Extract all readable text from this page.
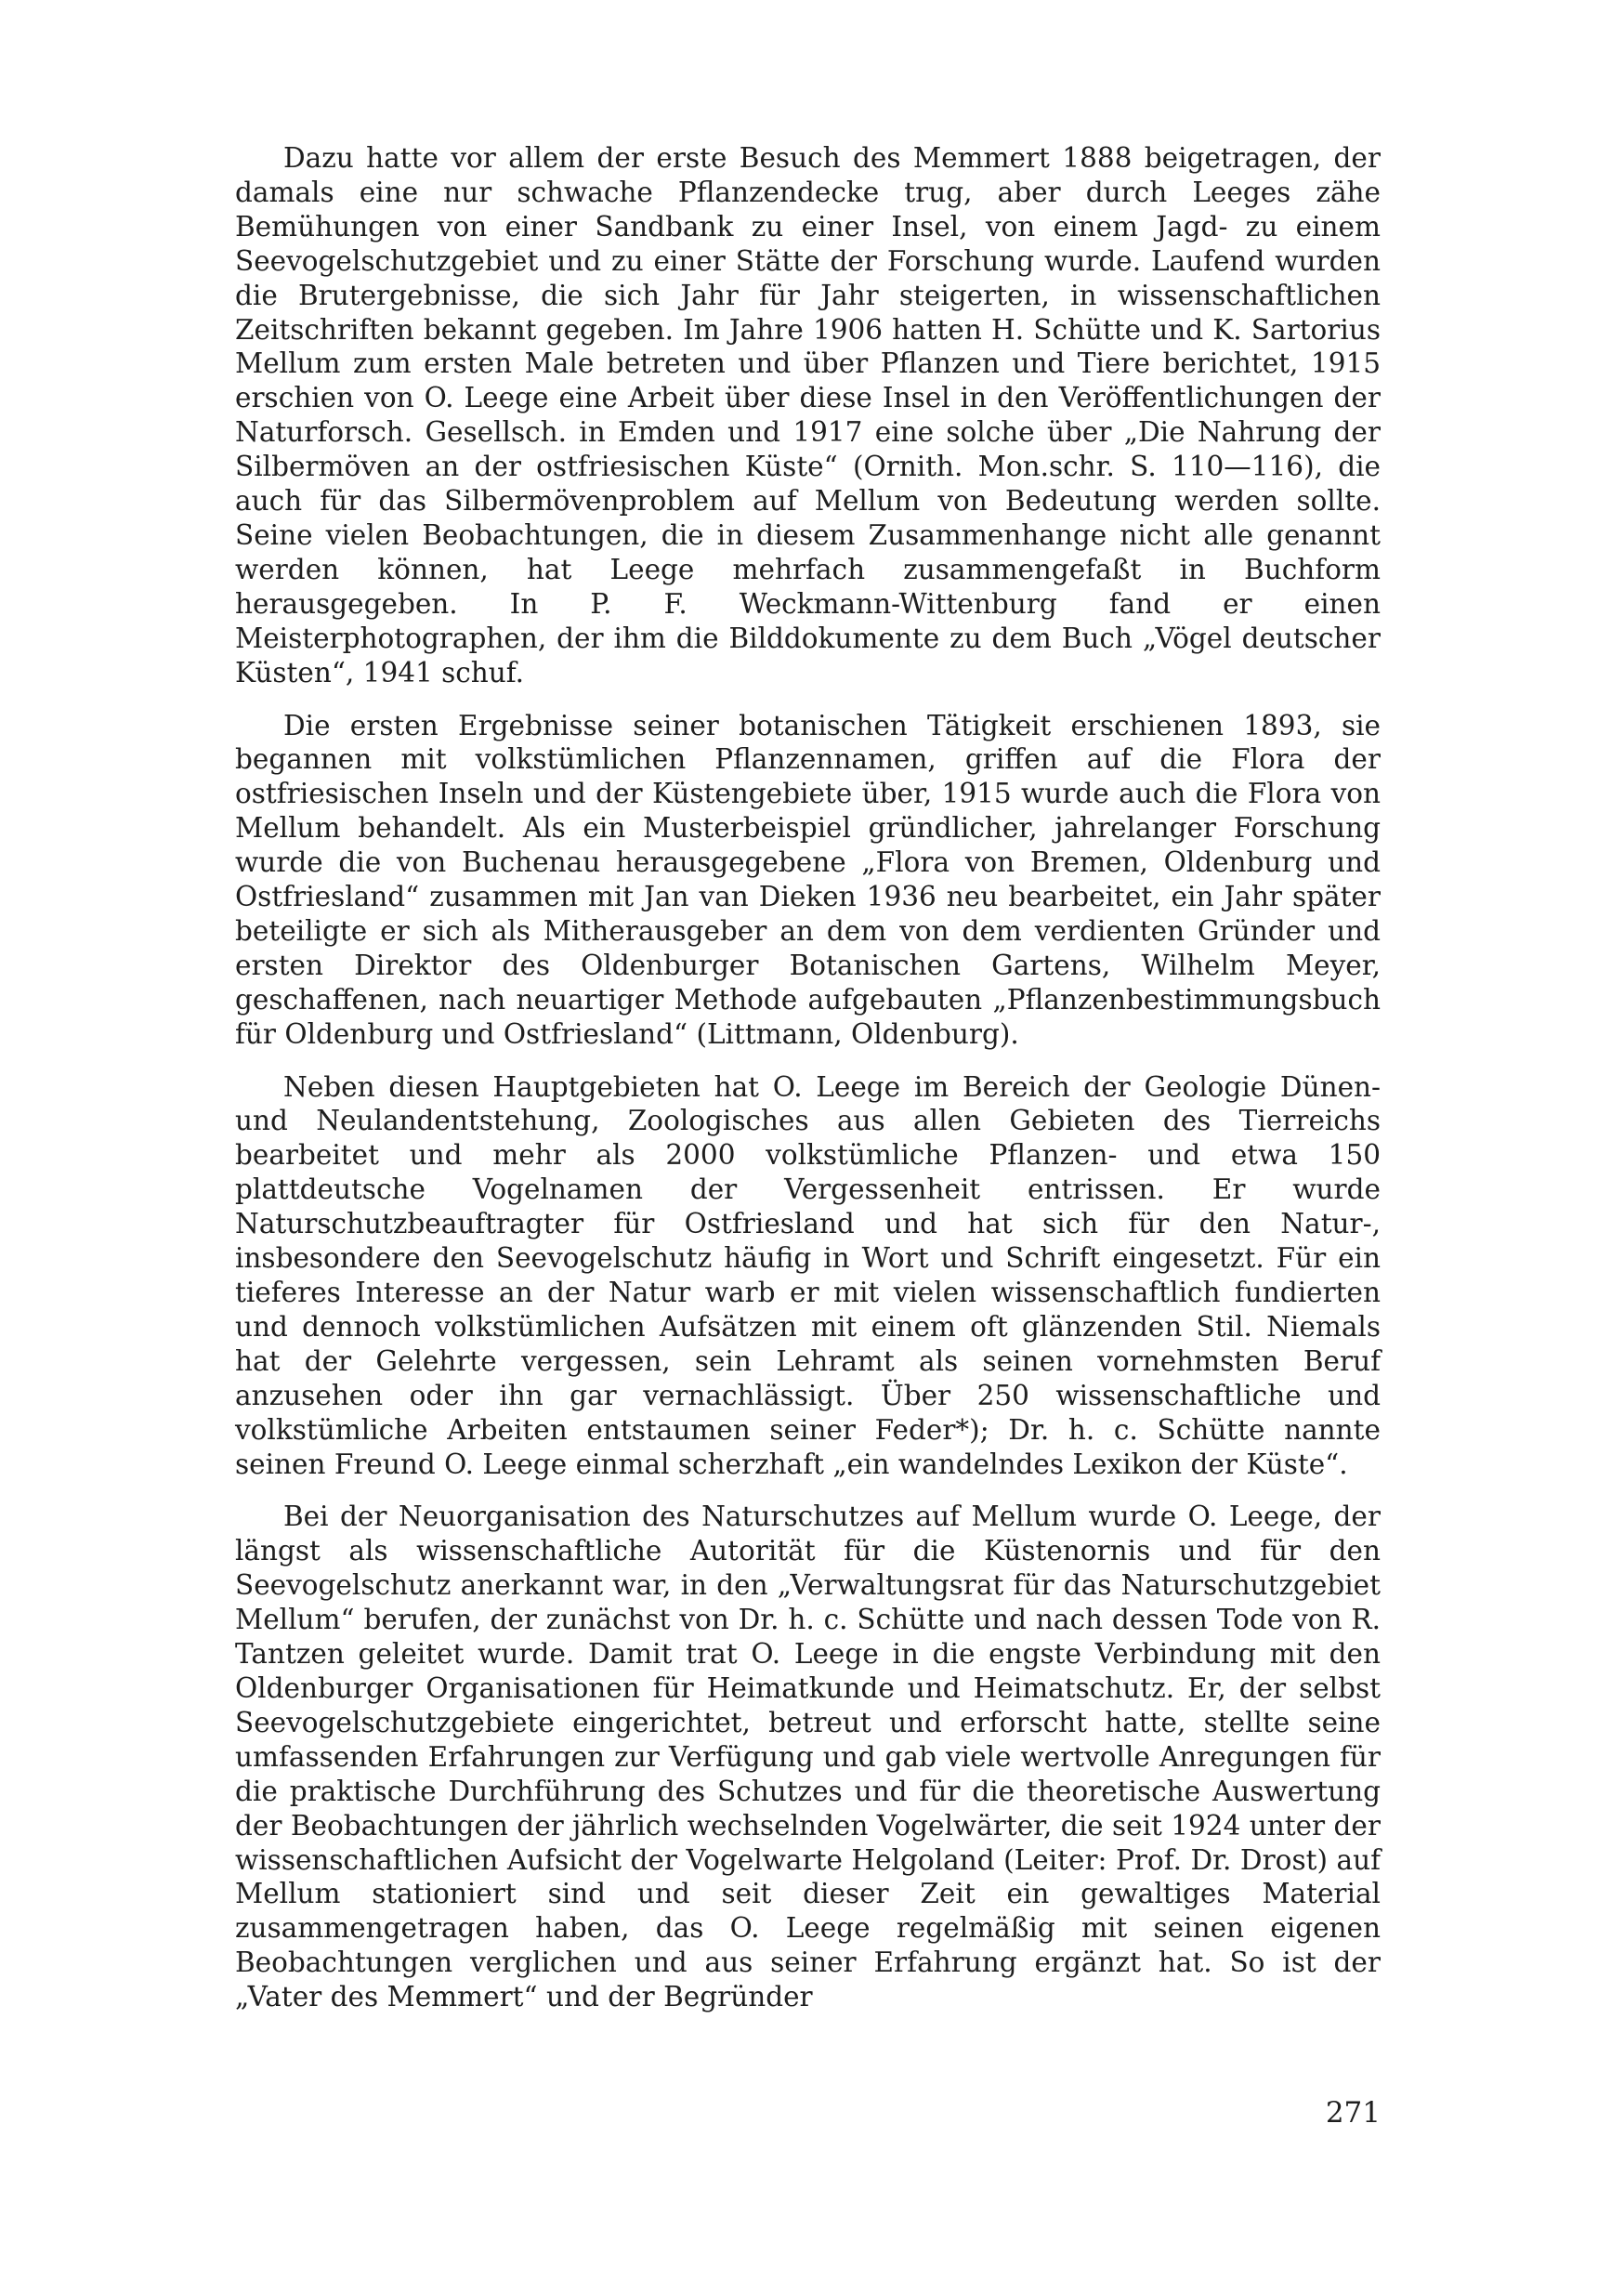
Dazu hatte vor allem der erste Besuch des Memmert 1888 beigetragen, der damals eine nur schwache Pflanzendecke trug, aber durch Leeges zähe Bemühungen von einer Sandbank zu einer Insel, von einem Jagd- zu einem Seevogelschutzgebiet und zu einer Stätte der Forschung wurde. Laufend wurden die Brutergebnisse, die sich Jahr für Jahr steigerten, in wissenschaftlichen Zeitschriften bekannt gegeben. Im Jahre 1906 hatten H. Schütte und K. Sartorius Mellum zum ersten Male betreten und über Pflanzen und Tiere berichtet, 1915 erschien von O. Leege eine Arbeit über diese Insel in den Veröffentlichungen der Naturforsch. Gesellsch. in Emden und 1917 eine solche über „Die Nahrung der Silbermöven an der ostfriesischen Küste“ (Ornith. Mon.schr. S. 110—116), die auch für das Silbermövenproblem auf Mellum von Bedeutung werden sollte. Seine vielen Beobachtungen, die in diesem Zusammenhange nicht alle genannt werden können, hat Leege mehrfach zusammengefaßt in Buchform herausgegeben. In P. F. Weckmann-Wittenburg fand er einen Meisterphotographen, der ihm die Bilddokumente zu dem Buch „Vögel deutscher Küsten“, 1941 schuf.

Die ersten Ergebnisse seiner botanischen Tätigkeit erschienen 1893, sie begannen mit volkstümlichen Pflanzennamen, griffen auf die Flora der ostfriesischen Inseln und der Küstengebiete über, 1915 wurde auch die Flora von Mellum behandelt. Als ein Musterbeispiel gründlicher, jahrelanger Forschung wurde die von Buchenau herausgegebene „Flora von Bremen, Oldenburg und Ostfriesland“ zusammen mit Jan van Dieken 1936 neu bearbeitet, ein Jahr später beteiligte er sich als Mitherausgeber an dem von dem verdienten Gründer und ersten Direktor des Oldenburger Botanischen Gartens, Wilhelm Meyer, geschaffenen, nach neuartiger Methode aufgebauten „Pflanzenbestimmungsbuch für Oldenburg und Ostfriesland“ (Littmann, Oldenburg).

Neben diesen Hauptgebieten hat O. Leege im Bereich der Geologie Dünen- und Neulandentstehung, Zoologisches aus allen Gebieten des Tierreichs bearbeitet und mehr als 2000 volkstümliche Pflanzen- und etwa 150 plattdeutsche Vogelnamen der Vergessenheit entrissen. Er wurde Naturschutzbeauftragter für Ostfriesland und hat sich für den Natur-, insbesondere den Seevogelschutz häufig in Wort und Schrift eingesetzt. Für ein tieferes Interesse an der Natur warb er mit vielen wissenschaftlich fundierten und dennoch volkstümlichen Aufsätzen mit einem oft glänzenden Stil. Niemals hat der Gelehrte vergessen, sein Lehramt als seinen vornehmsten Beruf anzusehen oder ihn gar vernachlässigt. Über 250 wissenschaftliche und volkstümliche Arbeiten entstaumen seiner Feder*); Dr. h. c. Schütte nannte seinen Freund O. Leege einmal scherzhaft „ein wandelndes Lexikon der Küste“.

Bei der Neuorganisation des Naturschutzes auf Mellum wurde O. Leege, der längst als wissenschaftliche Autorität für die Küstenornis und für den Seevogelschutz anerkannt war, in den „Verwaltungsrat für das Naturschutzgebiet Mellum“ berufen, der zunächst von Dr. h. c. Schütte und nach dessen Tode von R. Tantzen geleitet wurde. Damit trat O. Leege in die engste Verbindung mit den Oldenburger Organisationen für Heimatkunde und Heimatschutz. Er, der selbst Seevogelschutzgebiete eingerichtet, betreut und erforscht hatte, stellte seine umfassenden Erfahrungen zur Verfügung und gab viele wertvolle Anregungen für die praktische Durchführung des Schutzes und für die theoretische Auswertung der Beobachtungen der jährlich wechselnden Vogelwärter, die seit 1924 unter der wissenschaftlichen Aufsicht der Vogelwarte Helgoland (Leiter: Prof. Dr. Drost) auf Mellum stationiert sind und seit dieser Zeit ein gewaltiges Material zusammengetragen haben, das O. Leege regelmäßig mit seinen eigenen Beobachtungen verglichen und aus seiner Erfahrung ergänzt hat. So ist der „Vater des Memmert“ und der Begründer

271
